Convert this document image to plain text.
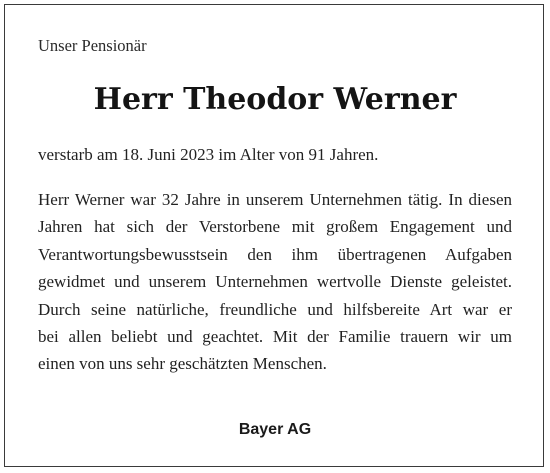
Unser Pensionär
Herr Theodor Werner
verstarb am 18. Juni 2023 im Alter von 91 Jahren.
Herr Werner war 32 Jahre in unserem Unternehmen tätig. In diesen
Jahren hat sich der Verstorbene mit großem Engagement und
Verantwortungsbewusstsein den ihm übertragenen Aufgaben
gewidmet und unserem Unternehmen wertvolle Dienste geleistet.
Durch seine natürliche, freundliche und hilfsbereite Art war er
bei allen beliebt und geachtet. Mit der Familie trauern wir um
einen von uns sehr geschätzten Menschen.
Bayer AG
